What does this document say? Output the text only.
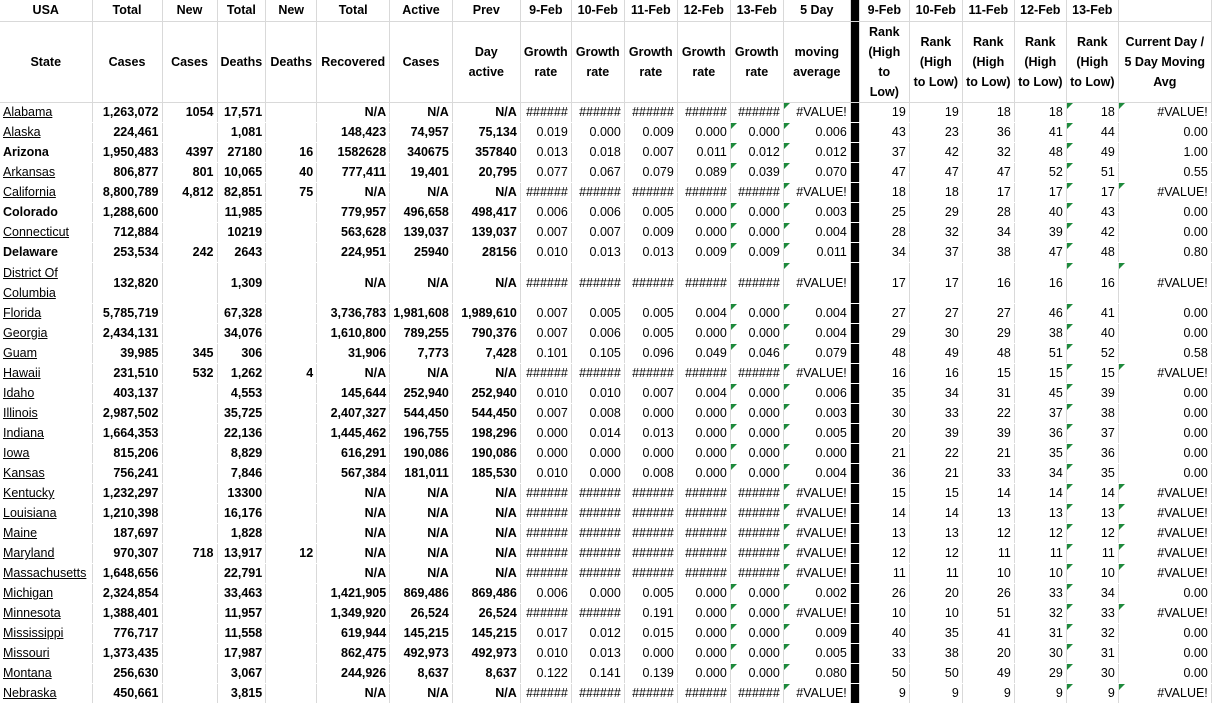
USA	Total	New	Total	New	Total	Active	Prev	9-Feb	10-Feb	11-Feb	12-Feb	13-Feb	5 Day		9-Feb	10-Feb	11-Feb	12-Feb	13-Feb	
State	Cases	Cases	Deaths	Deaths	Recovered	Cases	Day active	Growth rate	Growth rate	Growth rate	Growth rate	Growth rate	moving average		Rank (High to Low)	Rank (High to Low)	Rank (High to Low)	Rank (High to Low)	Rank (High to Low)	Current Day / 5 Day Moving Avg
Alabama	1,263,072	1054	17,571		N/A	N/A	N/A	######	######	######	######	######	#VALUE!		19	19	18	18	18	#VALUE!
Alaska	224,461		1,081		148,423	74,957	75,134	0.019	0.000	0.009	0.000	0.000	0.006		43	23	36	41	44	0.00
Arizona	1,950,483	4397	27180	16	1582628	340675	357840	0.013	0.018	0.007	0.011	0.012	0.012		37	42	32	48	49	1.00
Arkansas	806,877	801	10,065	40	777,411	19,401	20,795	0.077	0.067	0.079	0.089	0.039	0.070		47	47	47	52	51	0.55
California	8,800,789	4,812	82,851	75	N/A	N/A	N/A	######	######	######	######	######	#VALUE!		18	18	17	17	17	#VALUE!
Colorado	1,288,600		11,985		779,957	496,658	498,417	0.006	0.006	0.005	0.000	0.000	0.003		25	29	28	40	43	0.00
Connecticut	712,884		10219		563,628	139,037	139,037	0.007	0.007	0.009	0.000	0.000	0.004		28	32	34	39	42	0.00
Delaware	253,534	242	2643		224,951	25940	28156	0.010	0.013	0.013	0.009	0.009	0.011		34	37	38	47	48	0.80
District Of Columbia	132,820		1,309		N/A	N/A	N/A	######	######	######	######	######	#VALUE!		17	17	16	16	16	#VALUE!
Florida	5,785,719		67,328		3,736,783	1,981,608	1,989,610	0.007	0.005	0.005	0.004	0.000	0.004		27	27	27	46	41	0.00
Georgia	2,434,131		34,076		1,610,800	789,255	790,376	0.007	0.006	0.005	0.000	0.000	0.004		29	30	29	38	40	0.00
Guam	39,985	345	306		31,906	7,773	7,428	0.101	0.105	0.096	0.049	0.046	0.079		48	49	48	51	52	0.58
Hawaii	231,510	532	1,262	4	N/A	N/A	N/A	######	######	######	######	######	#VALUE!		16	16	15	15	15	#VALUE!
Idaho	403,137		4,553		145,644	252,940	252,940	0.010	0.010	0.007	0.004	0.000	0.006		35	34	31	45	39	0.00
Illinois	2,987,502		35,725		2,407,327	544,450	544,450	0.007	0.008	0.000	0.000	0.000	0.003		30	33	22	37	38	0.00
Indiana	1,664,353		22,136		1,445,462	196,755	198,296	0.000	0.014	0.013	0.000	0.000	0.005		20	39	39	36	37	0.00
Iowa	815,206		8,829		616,291	190,086	190,086	0.000	0.000	0.000	0.000	0.000	0.000		21	22	21	35	36	0.00
Kansas	756,241		7,846		567,384	181,011	185,530	0.010	0.000	0.008	0.000	0.000	0.004		36	21	33	34	35	0.00
Kentucky	1,232,297		13300		N/A	N/A	N/A	######	######	######	######	######	#VALUE!		15	15	14	14	14	#VALUE!
Louisiana	1,210,398		16,176		N/A	N/A	N/A	######	######	######	######	######	#VALUE!		14	14	13	13	13	#VALUE!
Maine	187,697		1,828		N/A	N/A	N/A	######	######	######	######	######	#VALUE!		13	13	12	12	12	#VALUE!
Maryland	970,307	718	13,917	12	N/A	N/A	N/A	######	######	######	######	######	#VALUE!		12	12	11	11	11	#VALUE!
Massachusetts	1,648,656		22,791		N/A	N/A	N/A	######	######	######	######	######	#VALUE!		11	11	10	10	10	#VALUE!
Michigan	2,324,854		33,463		1,421,905	869,486	869,486	0.006	0.000	0.005	0.000	0.000	0.002		26	20	26	33	34	0.00
Minnesota	1,388,401		11,957		1,349,920	26,524	26,524	######	######	0.191	0.000	0.000	#VALUE!		10	10	51	32	33	#VALUE!
Mississippi	776,717		11,558		619,944	145,215	145,215	0.017	0.012	0.015	0.000	0.000	0.009		40	35	41	31	32	0.00
Missouri	1,373,435		17,987		862,475	492,973	492,973	0.010	0.013	0.000	0.000	0.000	0.005		33	38	20	30	31	0.00
Montana	256,630		3,067		244,926	8,637	8,637	0.122	0.141	0.139	0.000	0.000	0.080		50	50	49	29	30	0.00
Nebraska	450,661		3,815		N/A	N/A	N/A	######	######	######	######	######	#VALUE!		9	9	9	9	9	#VALUE!
